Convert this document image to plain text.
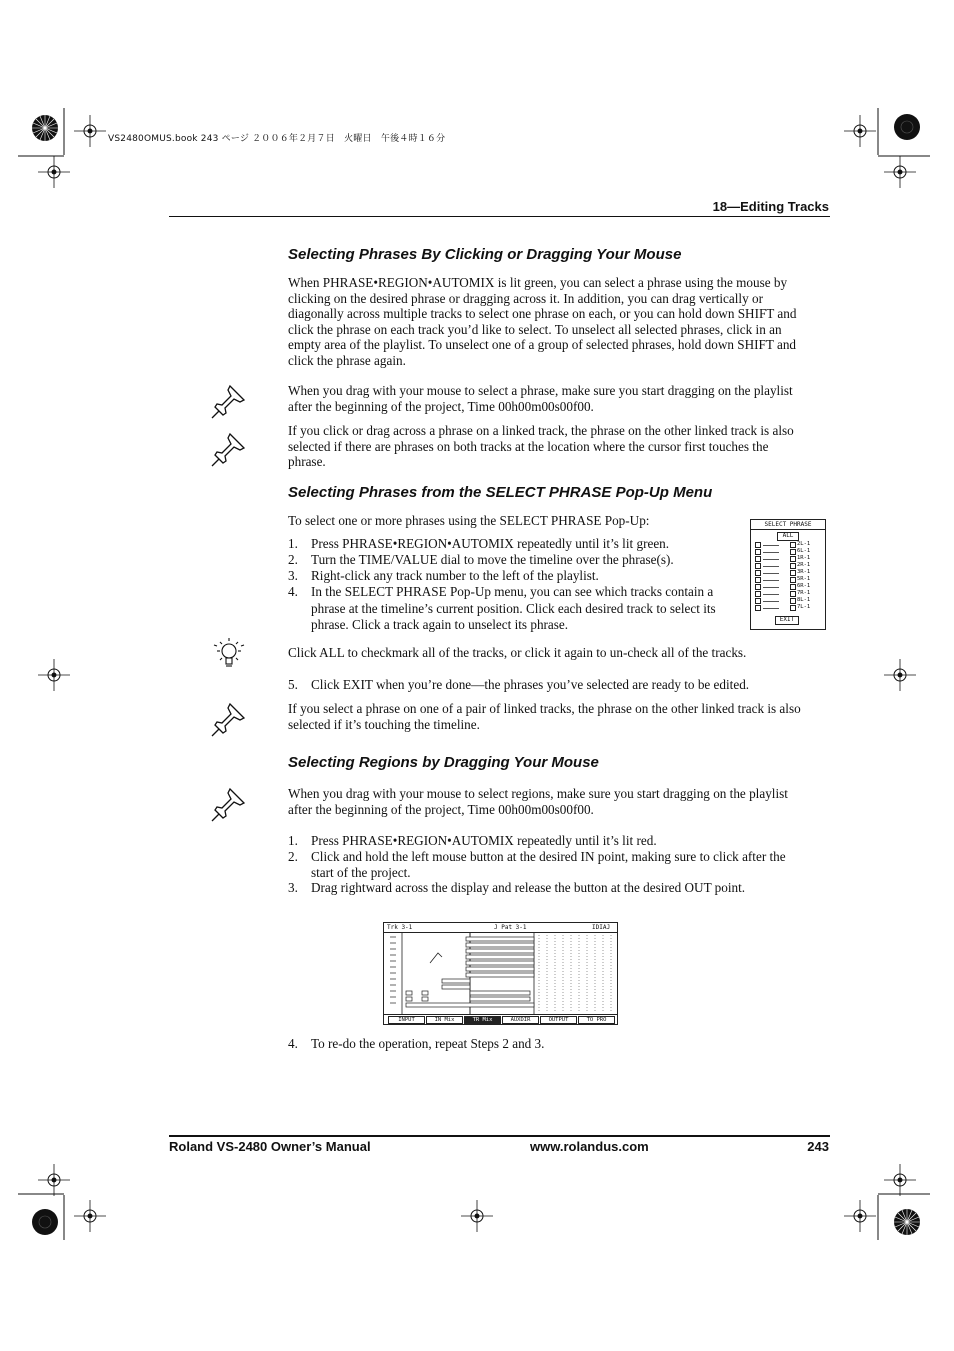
VS2480OMUS.book 243 ページ ２００６年２月７日　火曜日　午後４時１６分
18—Editing Tracks
Selecting Phrases By Clicking or Dragging Your Mouse
When PHRASE•REGION•AUTOMIX is lit green, you can select a phrase using the mouse by clicking on the desired phrase or dragging across it. In addition, you can drag vertically or diagonally across multiple tracks to select one phrase on each, or you can hold down SHIFT and click the phrase on each track you’d like to select. To unselect all selected phrases, click in an empty area of the playlist. To unselect one of a group of selected phrases, hold down SHIFT and click the phrase again.
When you drag with your mouse to select a phrase, make sure you start dragging on the playlist after the beginning of the project, Time 00h00m00s00f00.
If you click or drag across a phrase on a linked track, the phrase on the other linked track is also selected if there are phrases on both tracks at the location where the cursor first touches the phrase.
Selecting Phrases from the SELECT PHRASE Pop-Up Menu
To select one or more phrases using the SELECT PHRASE Pop-Up:
1. Press PHRASE•REGION•AUTOMIX repeatedly until it’s lit green.
2. Turn the TIME/VALUE dial to move the timeline over the phrase(s).
3. Right-click any track number to the left of the playlist.
4. In the SELECT PHRASE Pop-Up menu, you can see which tracks contain a phrase at the timeline’s current position. Click each desired track to select its phrase. Click a track again to unselect its phrase.
SELECT PHRASE
ALL
EXIT
2L-1
6L-1
1R-1
2R-1
3R-1
5R-1
6R-1
7R-1
8L-1
7L-1
Click ALL to checkmark all of the tracks, or click it again to un-check all of the tracks.
5. Click EXIT when you’re done—the phrases you’ve selected are ready to be edited.
If you select a phrase on one of a pair of linked tracks, the phrase on the other linked track is also selected if it’s touching the timeline.
Selecting Regions by Dragging Your Mouse
When you drag with your mouse to select regions, make sure you start dragging on the playlist after the beginning of the project, Time 00h00m00s00f00.
1. Press PHRASE•REGION•AUTOMIX repeatedly until it’s lit red.
2. Click and hold the left mouse button at the desired IN point, making sure to click after the start of the project.
3. Drag rightward across the display and release the button at the desired OUT point.
Trk 3-1	J Pat 3-1	IDIAJ
INPUT	IN Mix	TR Mix	AUXDIR	OUTPUT	TO PRO
4. To re-do the operation, repeat Steps 2 and 3.
Roland VS-2480 Owner’s Manual	www.rolandus.com	243
